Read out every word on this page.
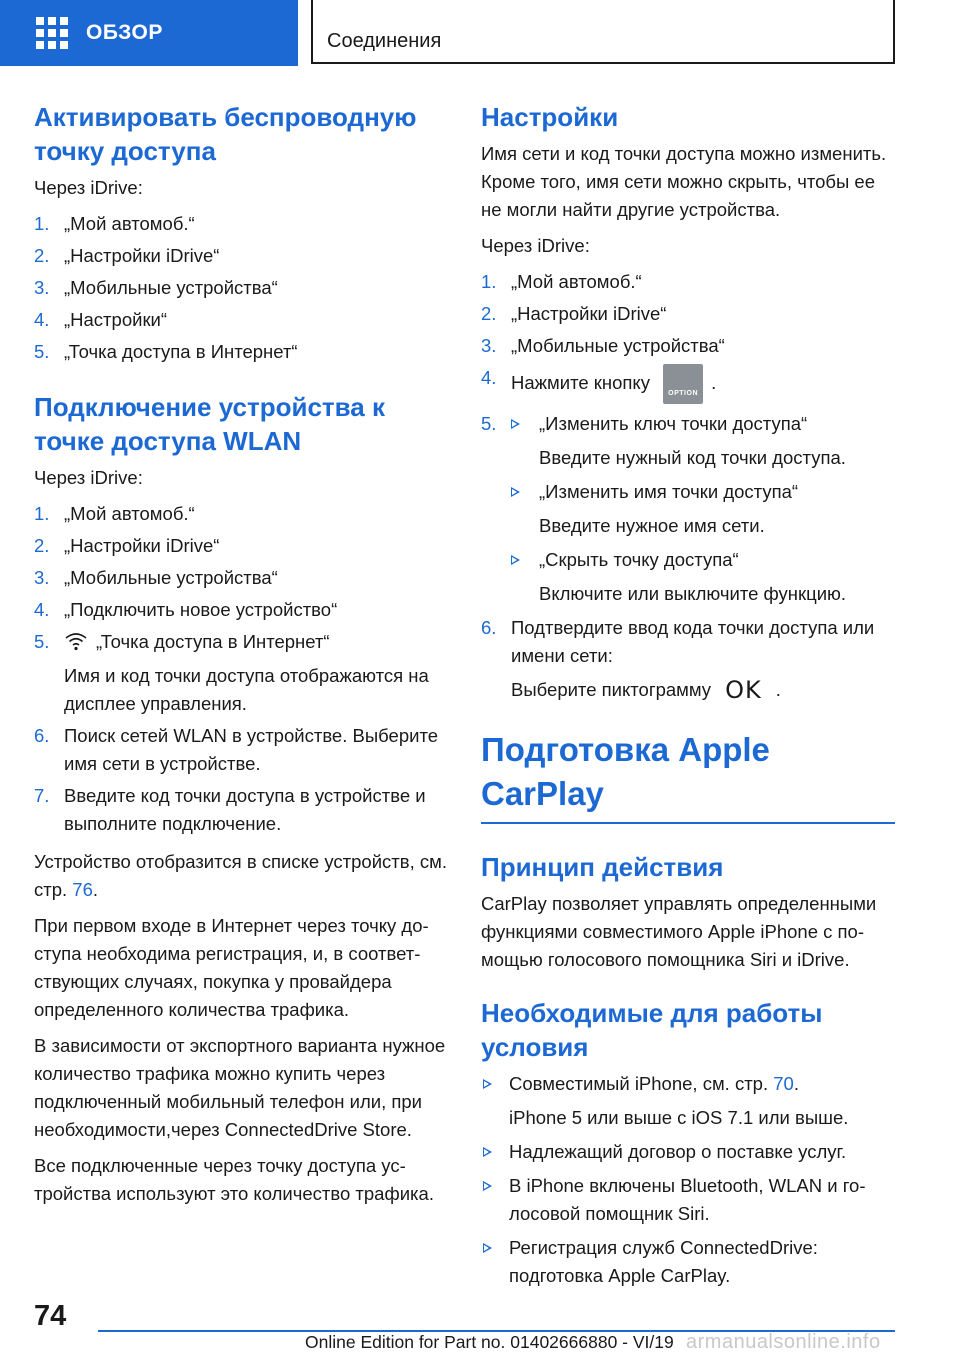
ОБЗОР	Соединения
Активировать беспроводную точку доступа

Через iDrive:

1. „Мой автомоб.“
2. „Настройки iDrive“
3. „Мобильные устройства“
4. „Настройки“
5. „Точка доступа в Интернет“
Подключение устройства к точке доступа WLAN

Через iDrive:

1. „Мой автомоб.“
2. „Настройки iDrive“
3. „Мобильные устройства“
4. „Подключить новое устройство“
5.	„Точка доступа в Интернет“
Имя и код точки доступа отображаются на дисплее управления.
6. Поиск сетей WLAN в устройстве. Выберите имя сети в устройстве.
7. Введите код точки доступа в устройстве и выполните подключение.

Устройство отобразится в списке устройств, см. стр. 76.

При первом входе в Интернет через точку доступа необходима регистрация, и, в соответствующих случаях, покупка у провайдера определенного количества трафика.

В зависимости от экспортного варианта нужное количество трафика можно купить через подключенный мобильный телефон или, при необходимости,через ConnectedDrive Store.

Все подключенные через точку доступа устройства используют это количество трафика.

Настройки

Имя сети и код точки доступа можно изменить. Кроме того, имя сети можно скрыть, чтобы ее не могли найти другие устройства.

Через iDrive:

1. „Мой автомоб.“
2. „Настройки iDrive“
3. „Мобильные устройства“
4. Нажмите кнопку
OPTION
.
5.	„Изменить ключ точки доступа“
Введите нужный код точки доступа.
„Изменить имя точки доступа“
Введите нужное имя сети.
„Скрыть точку доступа“
Включите или выключите функцию.
6. Подтвердите ввод кода точки доступа или имени сети:
Выберите пиктограмму OK .
Подготовка Apple CarPlay
Принцип действия

CarPlay позволяет управлять определенными функциями совместимого Apple iPhone с помощью голосового помощника Siri и iDrive.

Необходимые для работы условия
Совместимый iPhone, см. стр. 70.
iPhone 5 или выше с iOS 7.1 или выше.
Надлежащий договор о поставке услуг.
В iPhone включены Bluetooth, WLAN и голосовой помощник Siri.
Регистрация служб ConnectedDrive: подготовка Apple CarPlay.
74
Online Edition for Part no. 01402666880 - VI/19 armanualsonline.info
